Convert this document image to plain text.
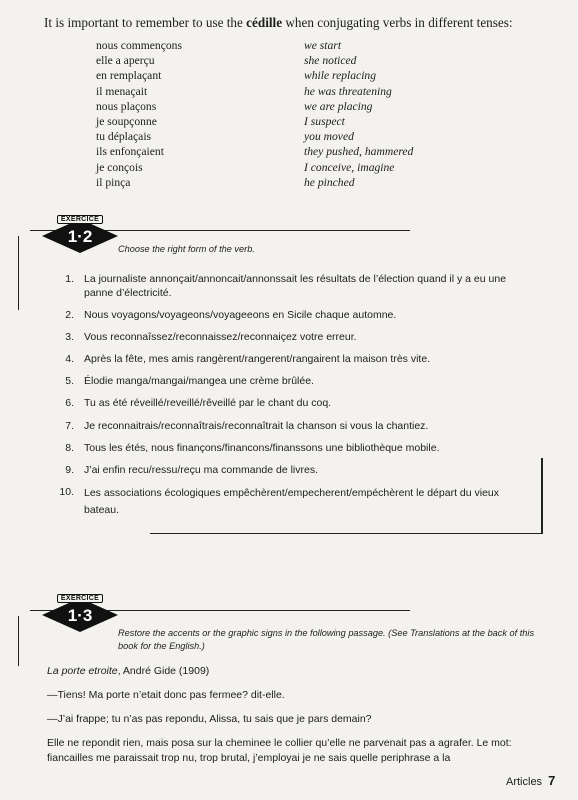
It is important to remember to use the cédille when conjugating verbs in different tenses:
nous commençons	we start
elle a aperçu	she noticed
en remplaçant	while replacing
il menaçait	he was threatening
nous plaçons	we are placing
je soupçonne	I suspect
tu déplaçais	you moved
ils enfonçaient	they pushed, hammered
je conçois	I conceive, imagine
il pinça	he pinched
EXERCICE
1·2
Choose the right form of the verb.
1. La journaliste annonçait/annoncait/annonssait les résultats de l’élection quand il y a eu une panne d’électricité.
2. Nous voyagons/voyageons/voyageeons en Sicile chaque automne.
3. Vous reconnaîssez/reconnaissez/reconnaiçez votre erreur.
4. Après la fête, mes amis rangèrent/rangerent/rangairent la maison très vite.
5. Élodie manga/mangai/mangea une crème brûlée.
6. Tu as été réveillé/reveillé/rêveillé par le chant du coq.
7. Je reconnaitrais/reconnaîtrais/reconnaîtrait la chanson si vous la chantiez.
8. Tous les étés, nous finançons/financons/finanssons une bibliothèque mobile.
9. J’ai enfin recu/ressu/reçu ma commande de livres.
10. Les associations écologiques empêchèrent/empecherent/empéchèrent le départ du vieux bateau.
EXERCICE
1·3
Restore the accents or the graphic signs in the following passage. (See Translations at the back of this book for the English.)

La porte etroite, André Gide (1909)

—Tiens! Ma porte n’etait donc pas fermee? dit-elle.

—J’ai frappe; tu n’as pas repondu, Alissa, tu sais que je pars demain?

Elle ne repondit rien, mais posa sur la cheminee le collier qu’elle ne parvenait pas a agrafer. Le mot: fiancailles me paraissait trop nu, trop brutal, j’employai je ne sais quelle periphrase a la

Articles 7
